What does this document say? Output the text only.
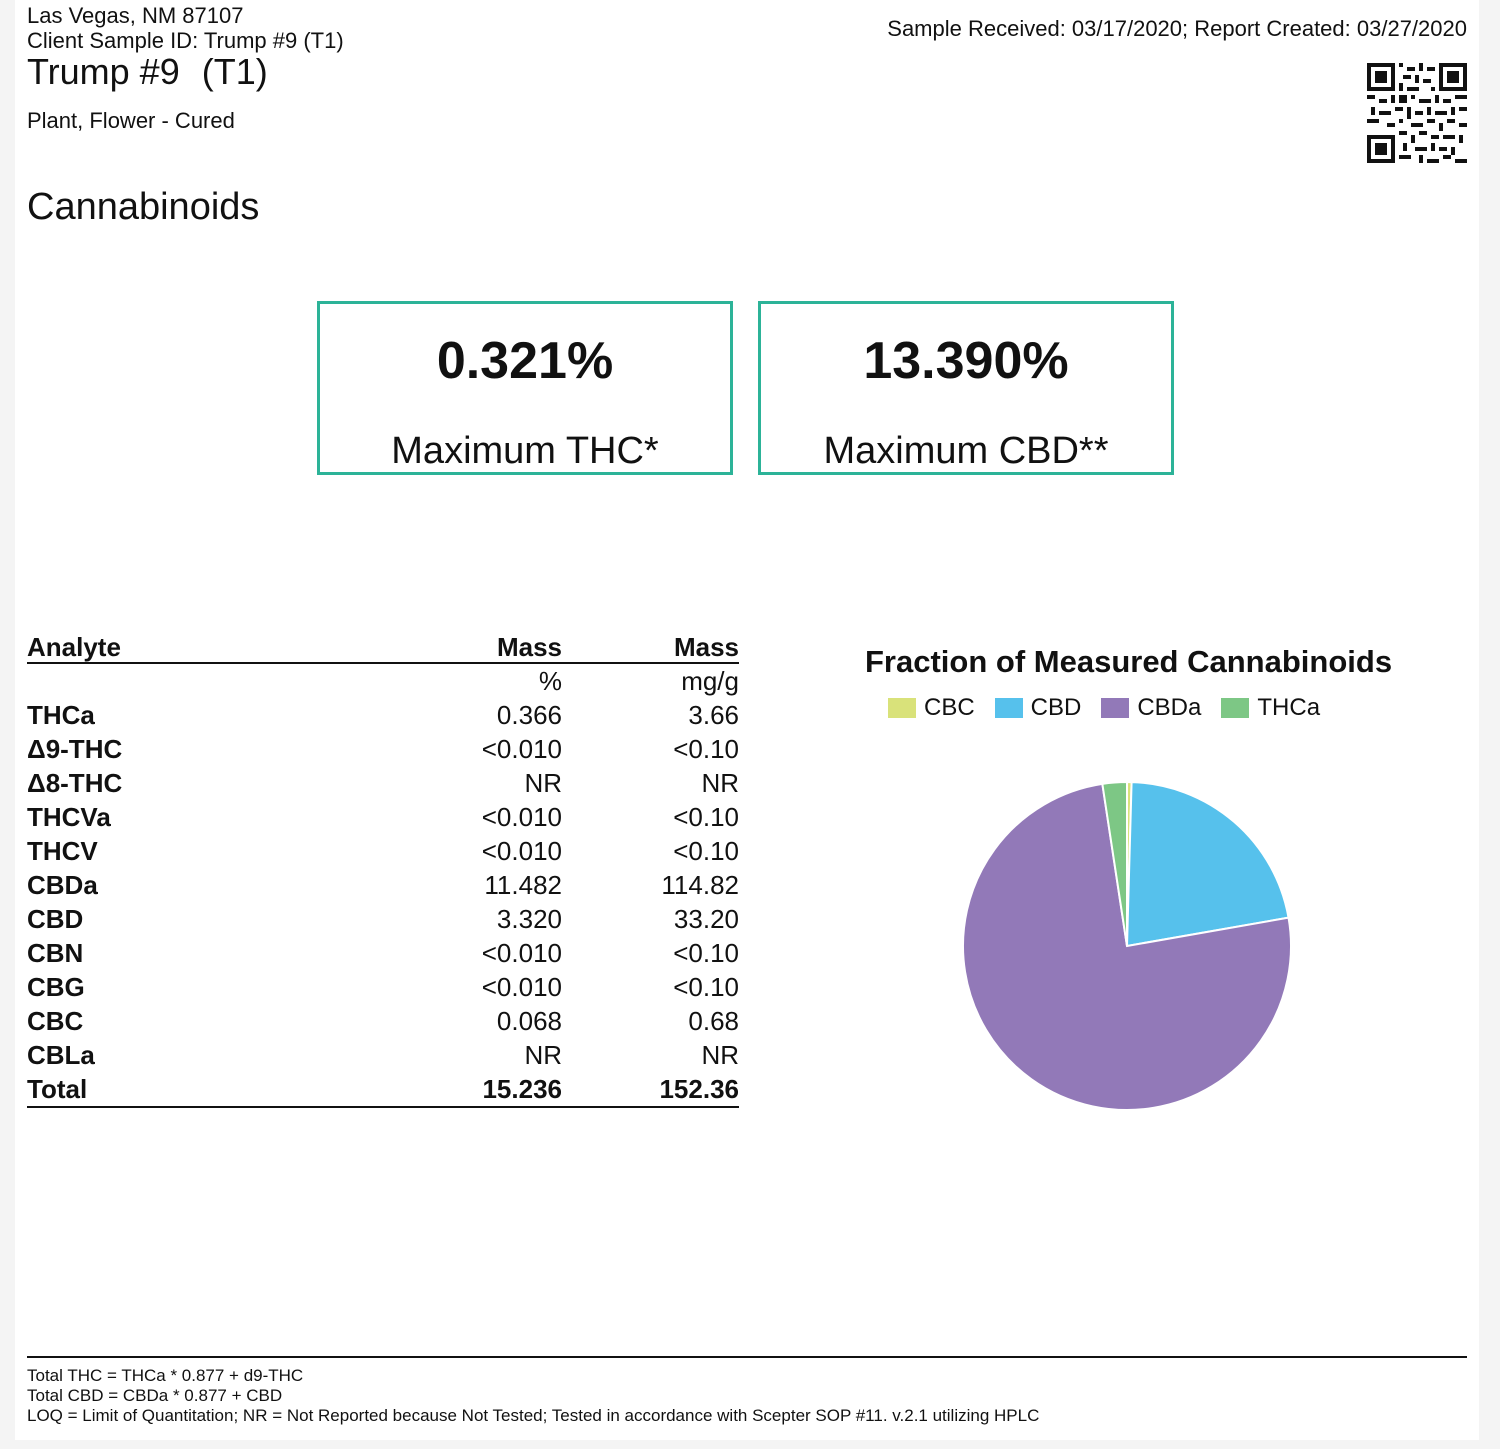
Las Vegas, NM 87107
Client Sample ID: Trump #9 (T1)
Trump #9 (T1)
Plant, Flower - Cured
Sample Received: 03/17/2020; Report Created: 03/27/2020
Cannabinoids
0.321%
Maximum THC*
13.390%
Maximum CBD**
Analyte	Mass	Mass
	%	mg/g
THCa	0.366	3.66
Δ9-THC	<0.010	<0.10
Δ8-THC	NR	NR
THCVa	<0.010	<0.10
THCV	<0.010	<0.10
CBDa	11.482	114.82
CBD	3.320	33.20
CBN	<0.010	<0.10
CBG	<0.010	<0.10
CBC	0.068	0.68
CBLa	NR	NR
Total	15.236	152.36
Fraction of Measured Cannabinoids
CBC CBD CBDa THCa
Total THC = THCa * 0.877 + d9-THC
Total CBD = CBDa * 0.877 + CBD
LOQ = Limit of Quantitation; NR = Not Reported because Not Tested; Tested in accordance with Scepter SOP #11. v.2.1 utilizing HPLC
